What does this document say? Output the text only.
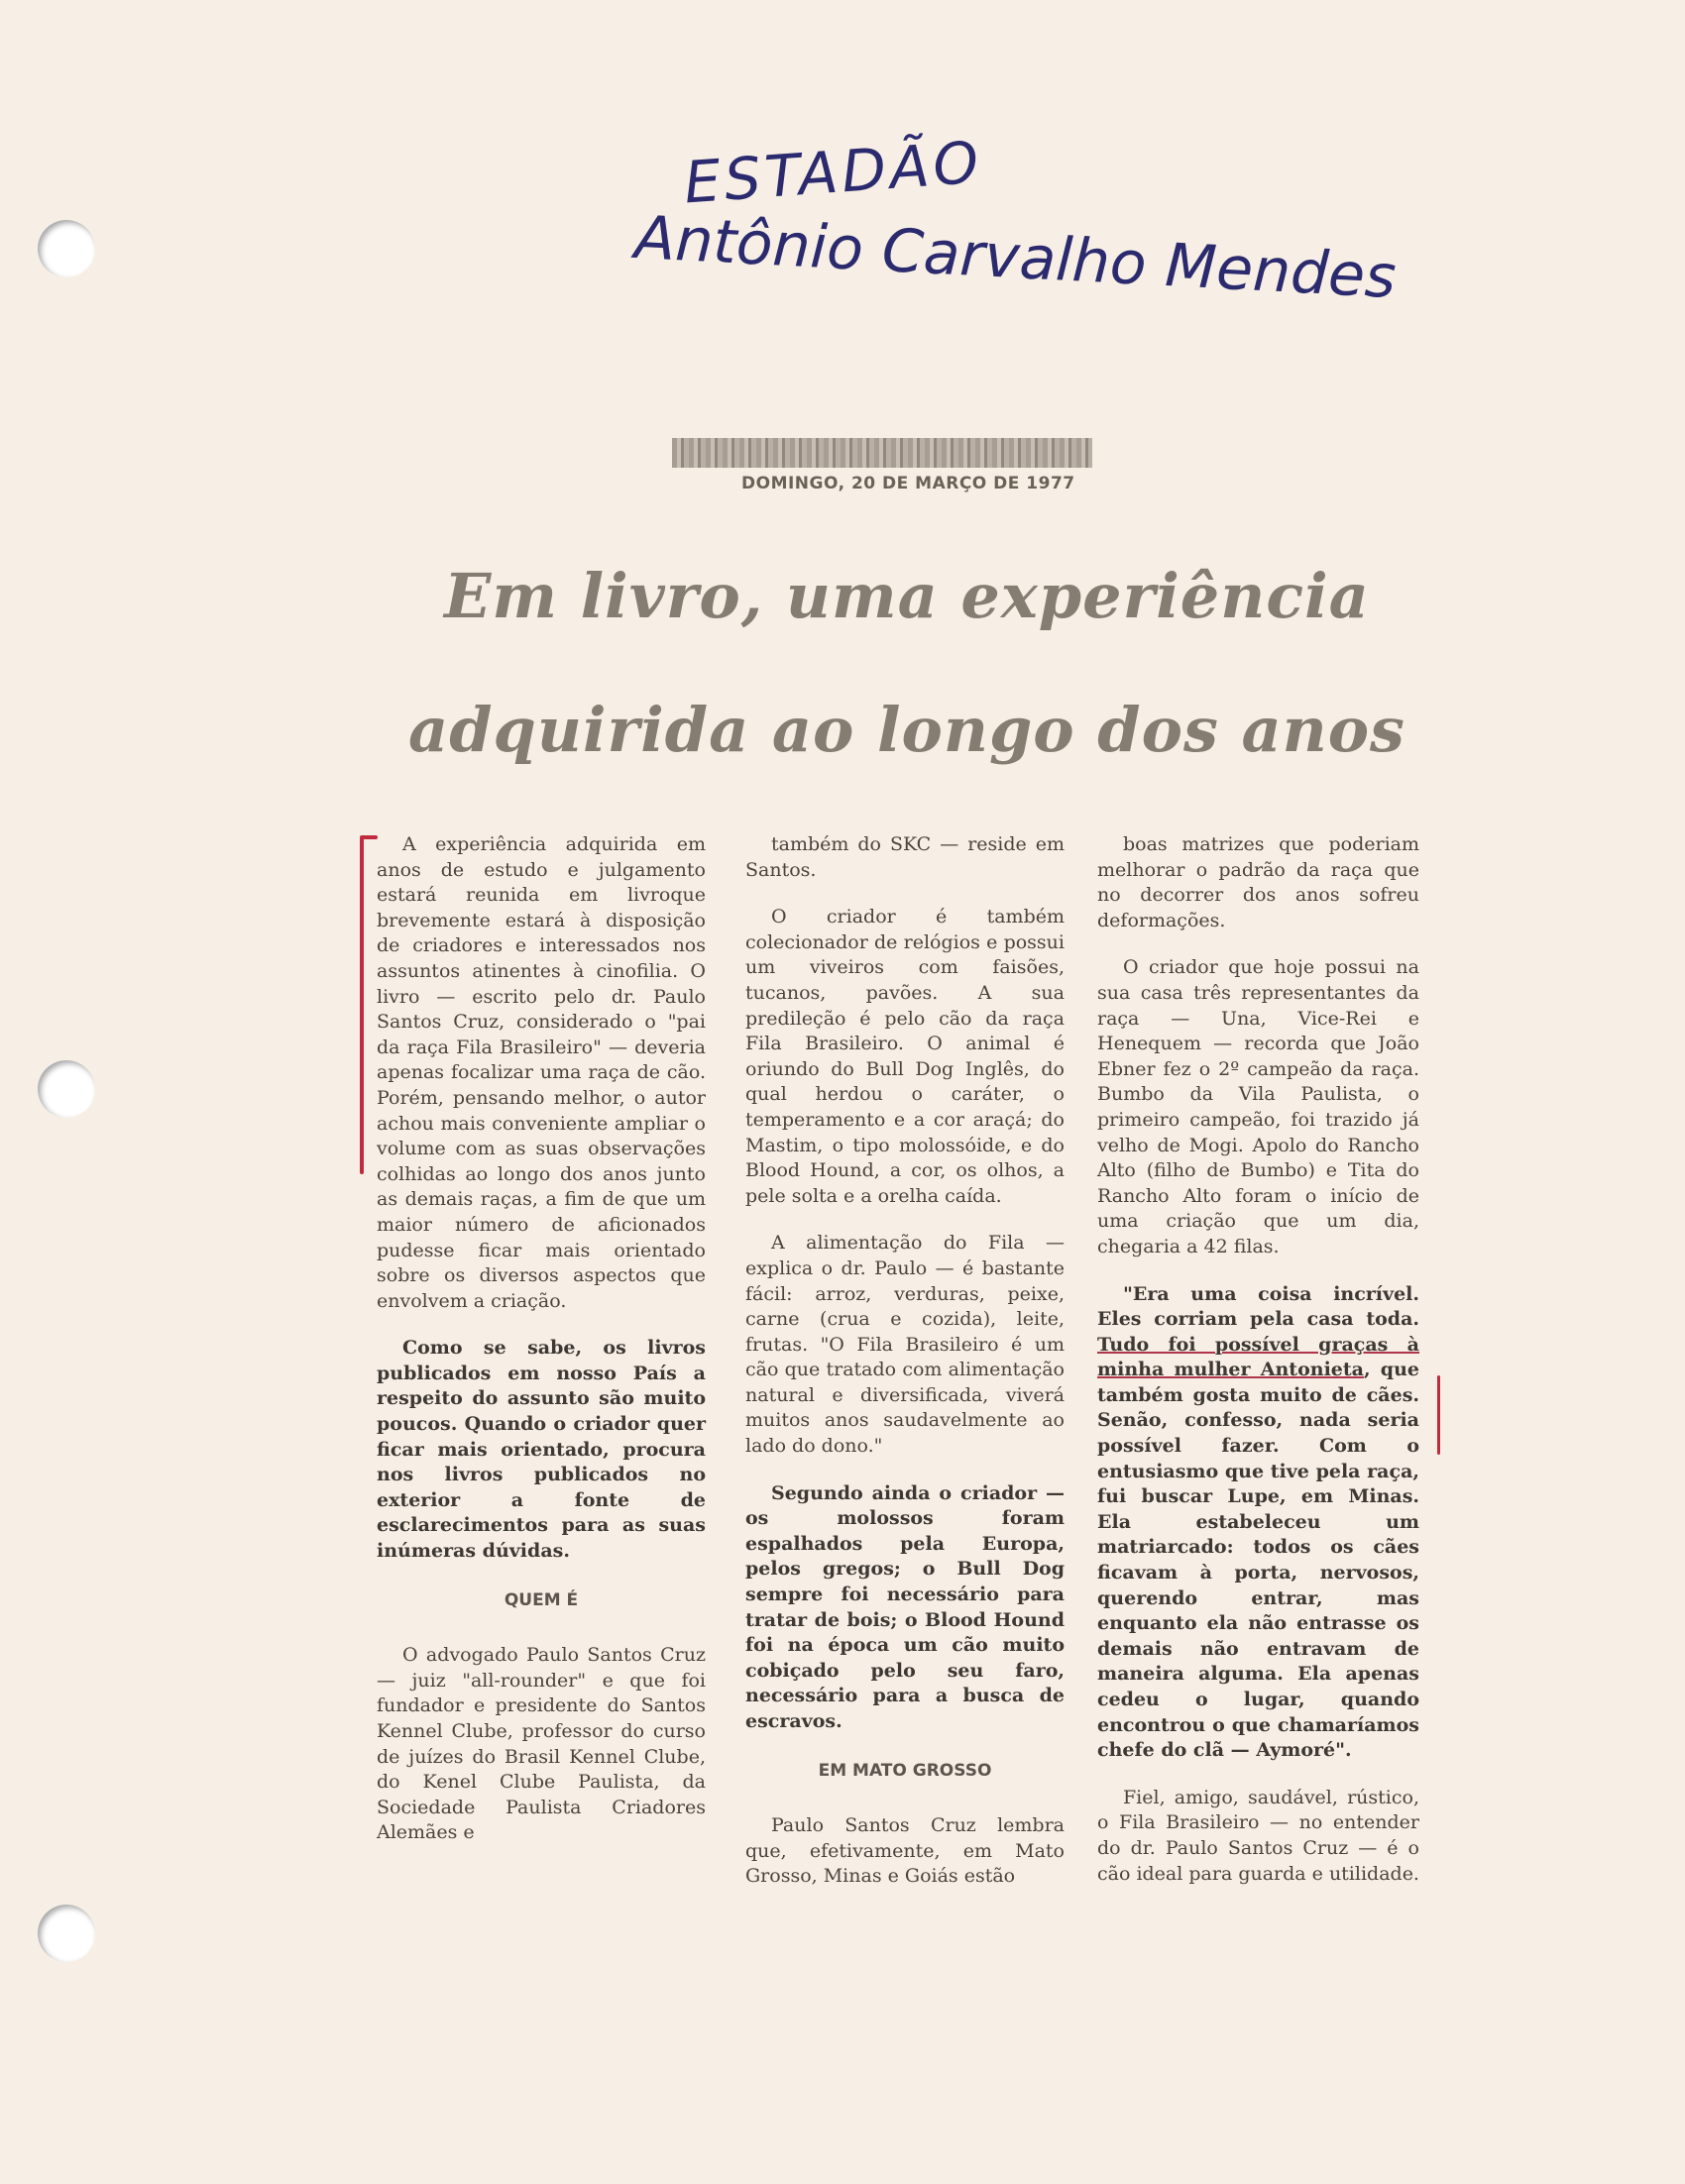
ESTADÃO
Antônio Carvalho Mendes
DOMINGO, 20 DE MARÇO DE 1977
Em livro, uma experiência
adquirida ao longo dos anos

A experiência adquirida em anos de estudo e julgamento estará reunida em livroque brevemente estará à disposição de criadores e interessados nos assuntos atinentes à cinofilia. O livro — escrito pelo dr. Paulo Santos Cruz, considerado o "pai da raça Fila Brasileiro" — deveria apenas focalizar uma raça de cão. Porém, pensando melhor, o autor achou mais conveniente ampliar o volume com as suas observações colhidas ao longo dos anos junto as demais raças, a fim de que um maior número de aficionados pudesse ficar mais orientado sobre os diversos aspectos que envolvem a criação.

Como se sabe, os livros publicados em nosso País a respeito do assunto são muito poucos. Quando o criador quer ficar mais orientado, procura nos livros publicados no exterior a fonte de esclarecimentos para as suas inúmeras dúvidas.

QUEM É

O advogado Paulo Santos Cruz — juiz "all-rounder" e que foi fundador e presidente do Santos Kennel Clube, professor do curso de juízes do Brasil Kennel Clube, do Kenel Clube Paulista, da Sociedade Paulista Criadores Alemães e

também do SKC — reside em Santos.

O criador é também colecionador de relógios e possui um viveiros com faisões, tucanos, pavões. A sua predileção é pelo cão da raça Fila Brasileiro. O animal é oriundo do Bull Dog Inglês, do qual herdou o caráter, o temperamento e a cor araçá; do Mastim, o tipo molossóide, e do Blood Hound, a cor, os olhos, a pele solta e a orelha caída.

A alimentação do Fila — explica o dr. Paulo — é bastante fácil: arroz, verduras, peixe, carne (crua e cozida), leite, frutas. "O Fila Brasileiro é um cão que tratado com alimentação natural e diversificada, viverá muitos anos saudavelmente ao lado do dono."

Segundo ainda o criador — os molossos foram espalhados pela Europa, pelos gregos; o Bull Dog sempre foi necessário para tratar de bois; o Blood Hound foi na época um cão muito cobiçado pelo seu faro, necessário para a busca de escravos.

EM MATO GROSSO

Paulo Santos Cruz lembra que, efetivamente, em Mato Grosso, Minas e Goiás estão

boas matrizes que poderiam melhorar o padrão da raça que no decorrer dos anos sofreu deformações.

O criador que hoje possui na sua casa três representantes da raça — Una, Vice-Rei e Henequem — recorda que João Ebner fez o 2º campeão da raça. Bumbo da Vila Paulista, o primeiro campeão, foi trazido já velho de Mogi. Apolo do Rancho Alto (filho de Bumbo) e Tita do Rancho Alto foram o início de uma criação que um dia, chegaria a 42 filas.

"Era uma coisa incrível. Eles corriam pela casa toda. Tudo foi possível graças à minha mulher Antonieta, que também gosta muito de cães. Senão, confesso, nada seria possível fazer. Com o entusiasmo que tive pela raça, fui buscar Lupe, em Minas. Ela estabeleceu um matriarcado: todos os cães ficavam à porta, nervosos, querendo entrar, mas enquanto ela não entrasse os demais não entravam de maneira alguma. Ela apenas cedeu o lugar, quando encontrou o que chamaríamos chefe do clã — Aymoré".

Fiel, amigo, saudável, rústico, o Fila Brasileiro — no entender do dr. Paulo Santos Cruz — é o cão ideal para guarda e utilidade.
